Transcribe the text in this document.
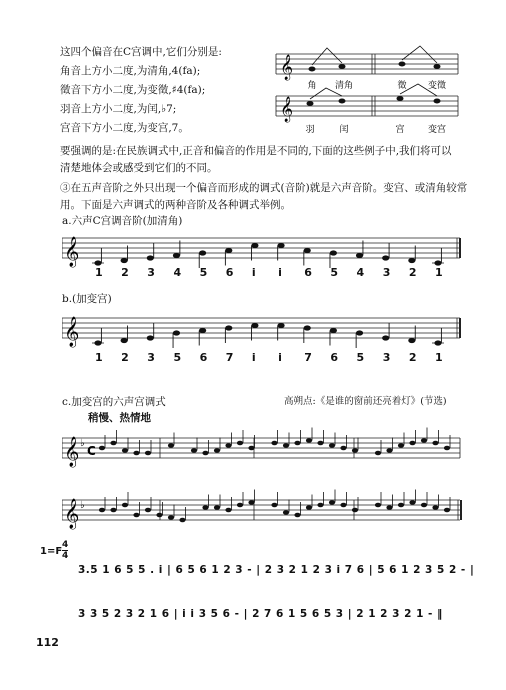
这四个偏音在C宫调中,它们分别是:
角音上方小二度,为清角,4(fa);
徵音下方小二度,为变徵,♯4(fa);
羽音上方小二度,为闰,♭7;
宫音下方小二度,为变宫,7。
𝄞
角 清角	徵 变徵
𝄞
羽	闰	宫	变宫
要强调的是:在民族调式中,正音和偏音的作用是不同的,下面的这些例子中,我们将可以
清楚地体会或感受到它们的不同。
③在五声音阶之外只出现一个偏音而形成的调式(音阶)就是六声音阶。变宫、或清角较常
用。下面是六声调式的两种音阶及各种调式举例。
a.六声C宫调音阶(加清角)
𝄞
1 2 3 4 5 6 i i 6 5 4 3 2 1
b.(加变宫)
𝄞
1 2 3 5 6 7 i i 7 6 5 3 2 1
c.加变宫的六声宫调式	高朔点:《是谁的窗前还亮着灯》(节选)
稍慢、热情地
𝄞 ♭
C
𝄞 ♭
1=F
4
4
3.5 1 6 5 5 . i | 6 5 6 1 2 3 - | 2 3 2 1 2 3 i 7 6 | 5 6 1 2 3 5 2 - |
3 3 5 2 3 2 1 6 | i i 3 5 6 - | 2 7 6 1 5 6 5 3 | 2 1 2 3 2 1 - ‖
112
